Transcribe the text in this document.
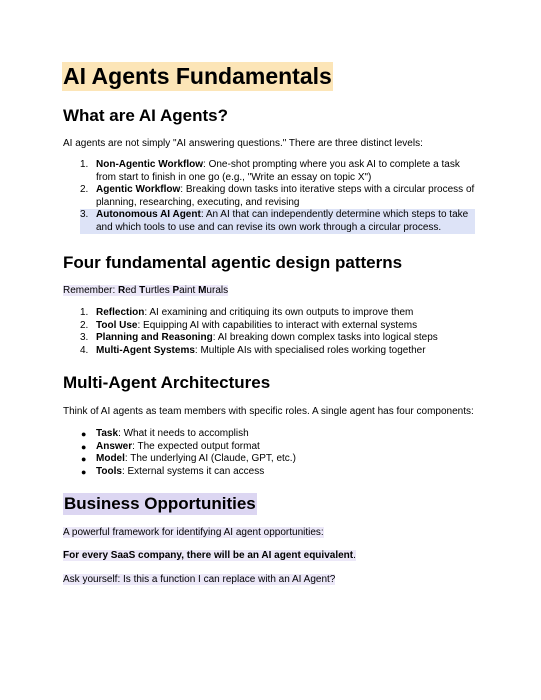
AI Agents Fundamentals
What are AI Agents?
AI agents are not simply "AI answering questions." There are three distinct levels:
1. Non-Agentic Workflow: One-shot prompting where you ask AI to complete a task from start to finish in one go (e.g., "Write an essay on topic X")
2. Agentic Workflow: Breaking down tasks into iterative steps with a circular process of planning, researching, executing, and revising
3. Autonomous AI Agent: An AI that can independently determine which steps to take and which tools to use and can revise its own work through a circular process.
Four fundamental agentic design patterns
Remember: Red Turtles Paint Murals
1. Reflection: AI examining and critiquing its own outputs to improve them
2. Tool Use: Equipping AI with capabilities to interact with external systems
3. Planning and Reasoning: AI breaking down complex tasks into logical steps
4. Multi-Agent Systems: Multiple AIs with specialised roles working together
Multi-Agent Architectures
Think of AI agents as team members with specific roles. A single agent has four components:
● Task: What it needs to accomplish
● Answer: The expected output format
● Model: The underlying AI (Claude, GPT, etc.)
● Tools: External systems it can access
Business Opportunities
A powerful framework for identifying AI agent opportunities:
For every SaaS company, there will be an AI agent equivalent.
Ask yourself: Is this a function I can replace with an AI Agent?
